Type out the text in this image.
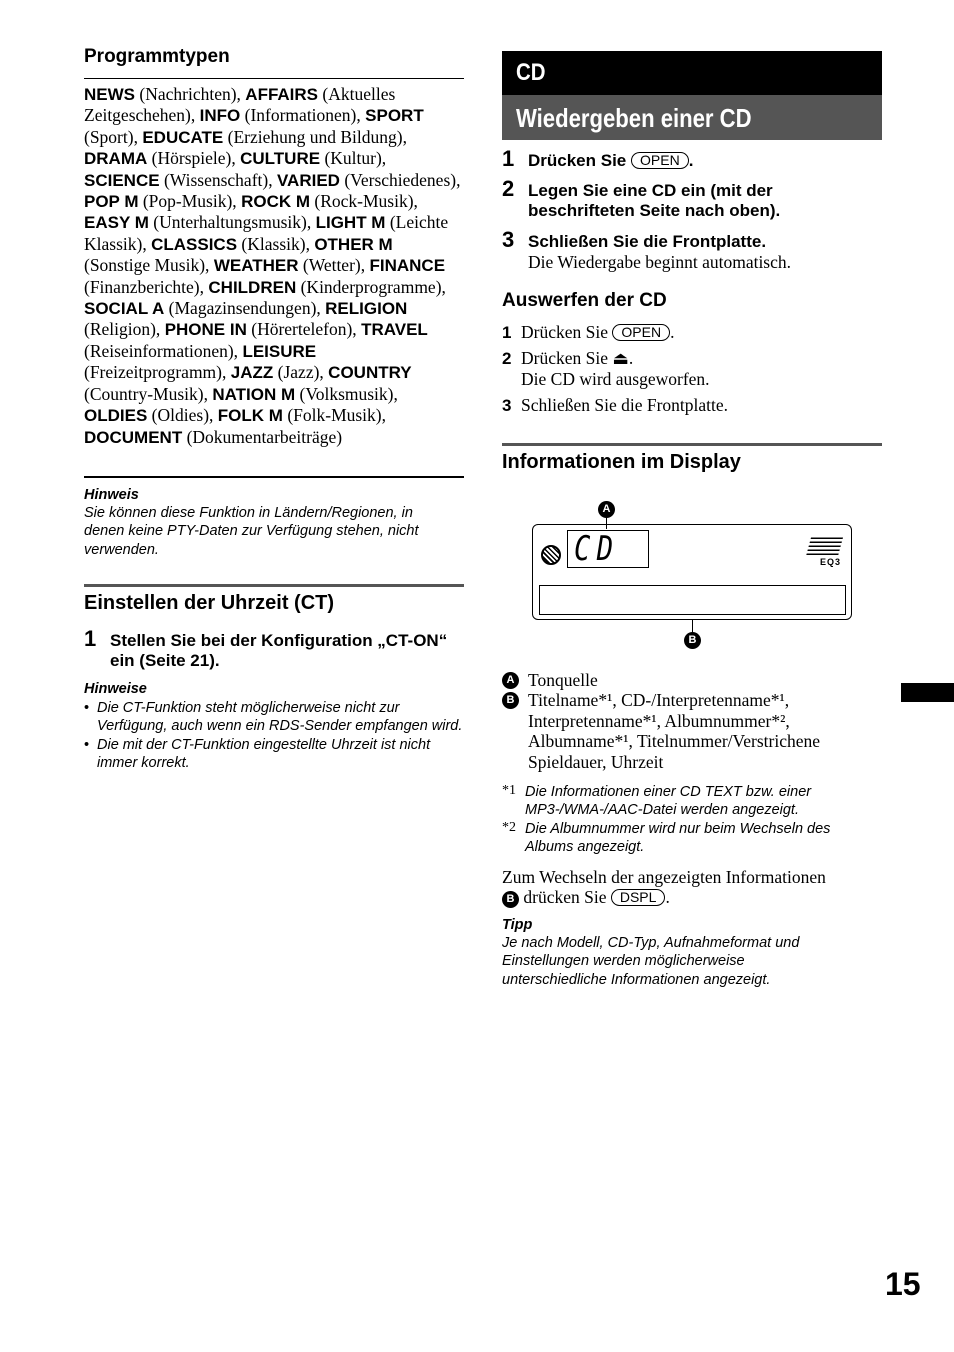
Programmtypen
NEWS (Nachrichten), AFFAIRS (Aktuelles Zeitgeschehen), INFO (Informationen), SPORT (Sport), EDUCATE (Erziehung und Bildung), DRAMA (Hörspiele), CULTURE (Kultur), SCIENCE (Wissenschaft), VARIED (Verschiedenes), POP M (Pop-Musik), ROCK M (Rock-Musik), EASY M (Unterhaltungsmusik), LIGHT M (Leichte Klassik), CLASSICS (Klassik), OTHER M (Sonstige Musik), WEATHER (Wetter), FINANCE (Finanzberichte), CHILDREN (Kinderprogramme), SOCIAL A (Magazinsendungen), RELIGION (Religion), PHONE IN (Hörertelefon), TRAVEL (Reiseinformationen), LEISURE (Freizeitprogramm), JAZZ (Jazz), COUNTRY (Country-Musik), NATION M (Volksmusik), OLDIES (Oldies), FOLK M (Folk-Musik), DOCUMENT (Dokumentarbeiträge)
Hinweis
Sie können diese Funktion in Ländern/Regionen, in denen keine PTY-Daten zur Verfügung stehen, nicht verwenden.
Einstellen der Uhrzeit (CT)
1 Stellen Sie bei der Konfiguration „CT-ON“ ein (Seite 21).
Hinweise
• Die CT-Funktion steht möglicherweise nicht zur Verfügung, auch wenn ein RDS-Sender empfangen wird.
• Die mit der CT-Funktion eingestellte Uhrzeit ist nicht immer korrekt.
CD
Wiedergeben einer CD
1 Drücken Sie OPEN .
2 Legen Sie eine CD ein (mit der beschrifteten Seite nach oben).
3 Schließen Sie die Frontplatte.
Die Wiedergabe beginnt automatisch.
Auswerfen der CD
1 Drücken Sie OPEN .
2 Drücken Sie ⏏.
Die CD wird ausgeworfen.
3 Schließen Sie die Frontplatte.
Informationen im Display
A
CD	EQ3
B
A Tonquelle
B Titelname*¹, CD-/Interpretenname*¹, Interpretenname*¹, Albumnummer*², Albumname*¹, Titelnummer/Verstrichene Spieldauer, Uhrzeit
*1 Die Informationen einer CD TEXT bzw. einer MP3-/WMA-/AAC-Datei werden angezeigt.
*2 Die Albumnummer wird nur beim Wechseln des Albums angezeigt.
Zum Wechseln der angezeigten Informationen
B drücken Sie DSPL .
Tipp
Je nach Modell, CD-Typ, Aufnahmeformat und Einstellungen werden möglicherweise unterschiedliche Informationen angezeigt.
15
